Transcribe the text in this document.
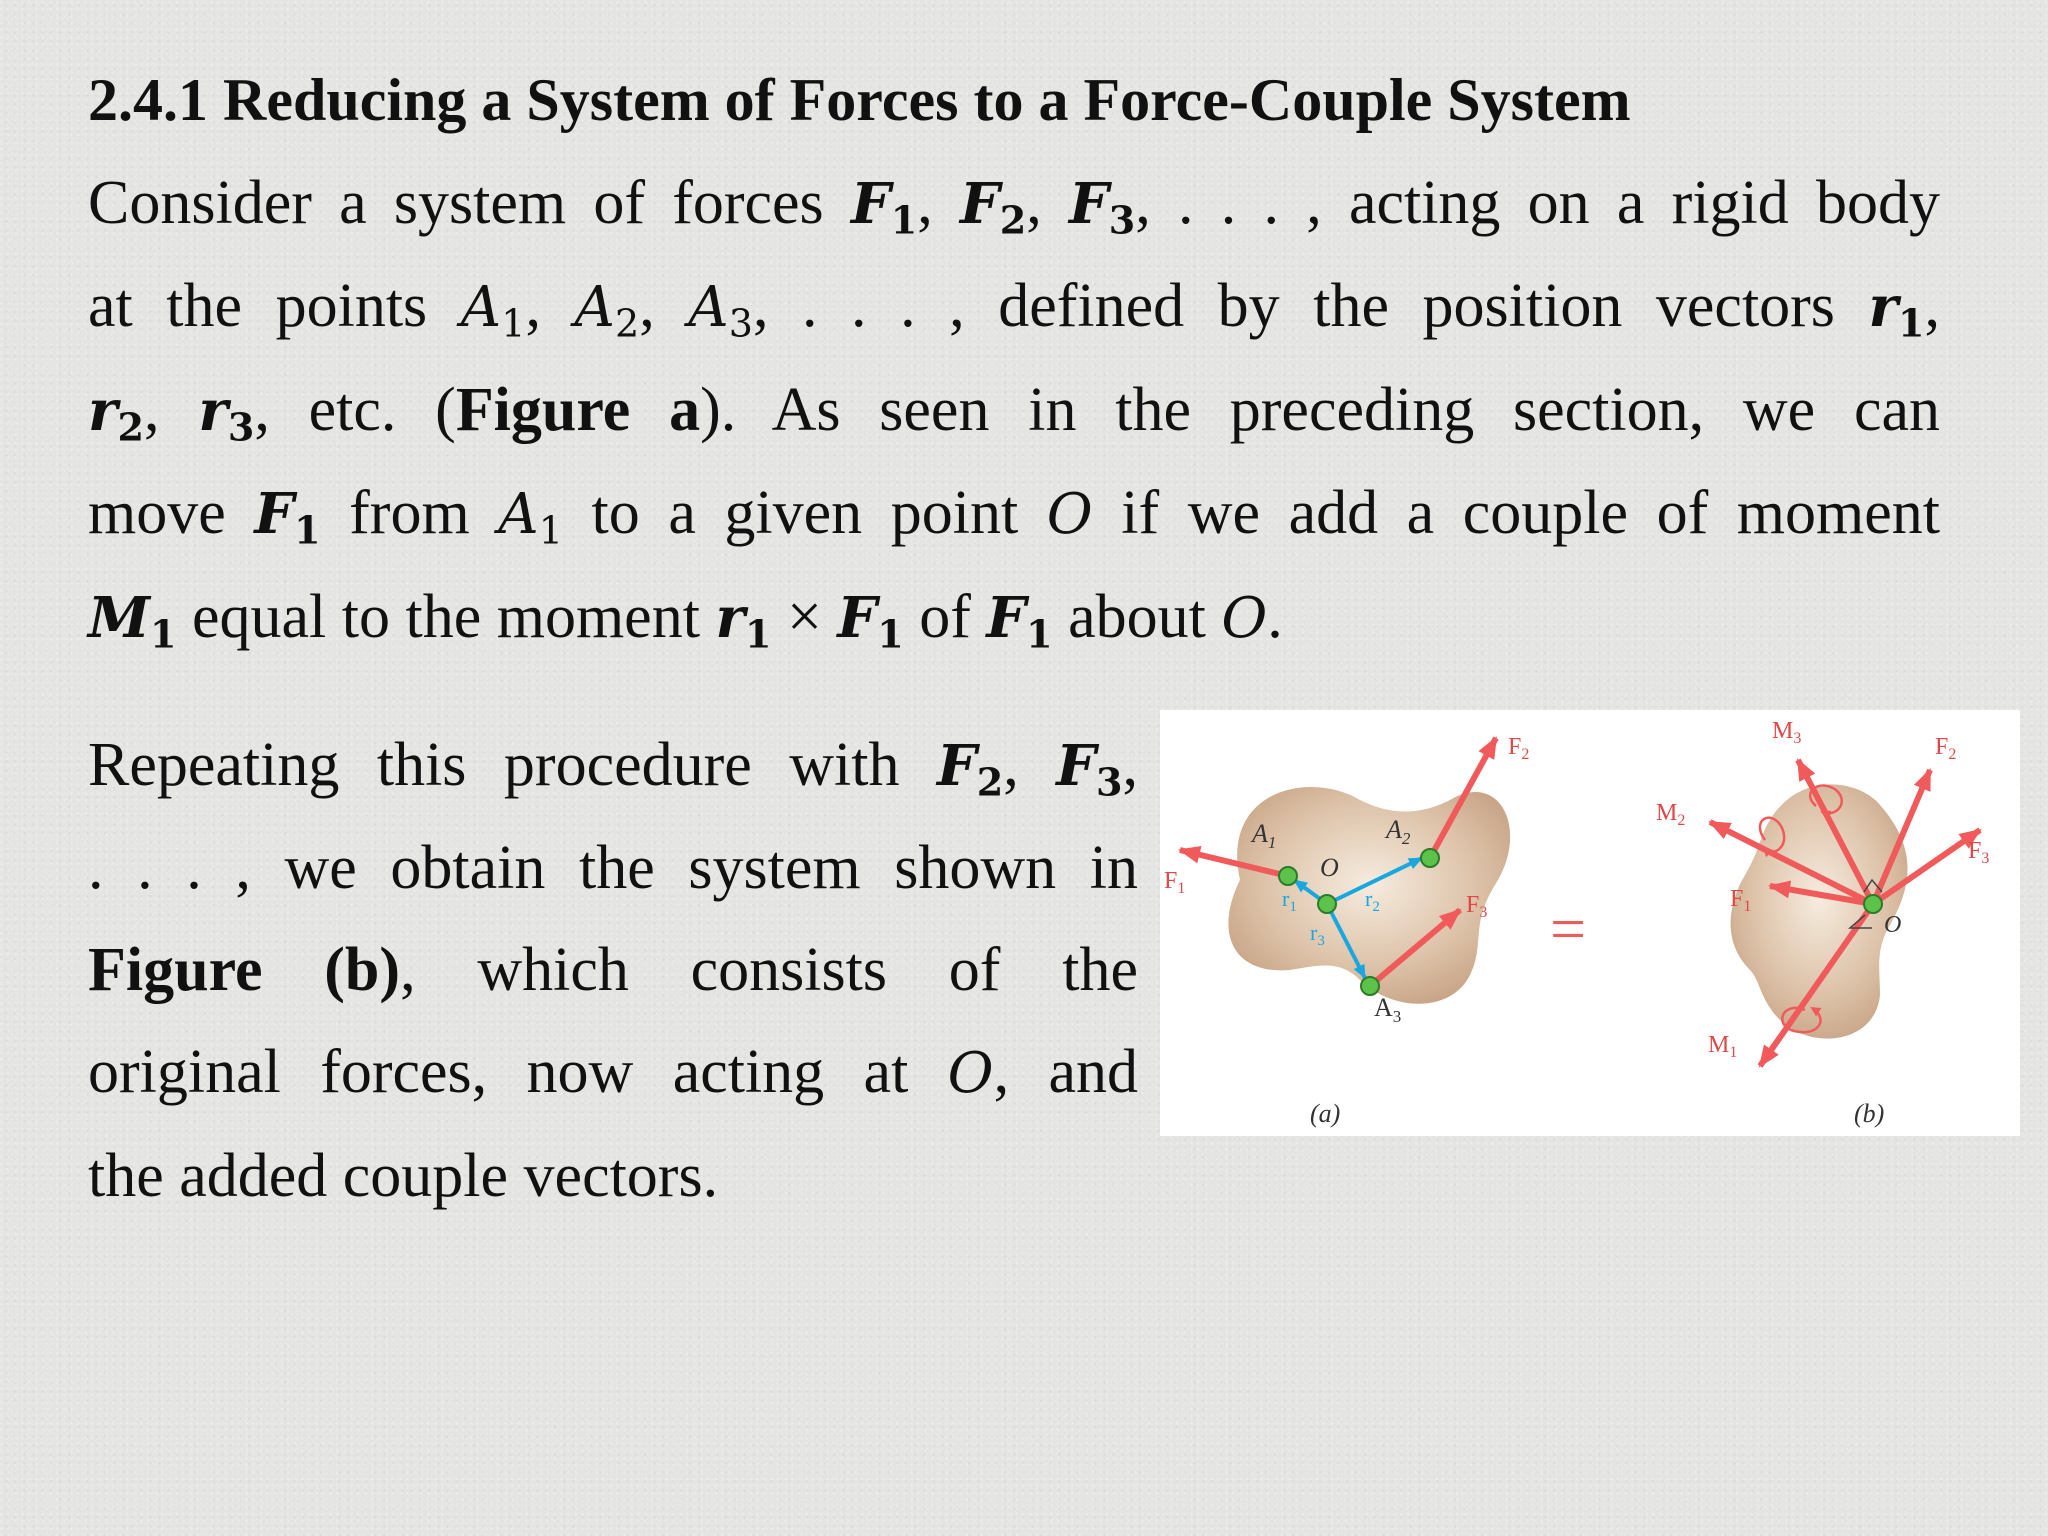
2.4.1 Reducing a System of Forces to a Force-Couple System
Consider a system of forces $F_1$, $F_2$, $F_3$, . . . , acting on a rigid body
at the points $A_1$, $A_2$, $A_3$, . . . , defined by the position vectors $r_1$,
$r_2$, $r_3$, etc. (Figure a). As seen in the preceding section, we can
move $F_1$ from $A_1$ to a given point O if we add a couple of moment
$M_1$ equal to the moment $r_1 \times F_1$ of $F_1$ about O.
Repeating this procedure with $F_2$, $F_3$,
. . . , we obtain the system shown in
Figure (b), which consists of the
original forces, now acting at O, and
the added couple vectors.
$A_1$	$A_2$
$A_3$
O
$r_1$	$r_2$
$r_3$
$F_1$
$F_2$
$F_3$
(a)
=
$M_1$
$M_2$
$M_3$
$F_1$
$F_2$
$F_3$
O
(b)
